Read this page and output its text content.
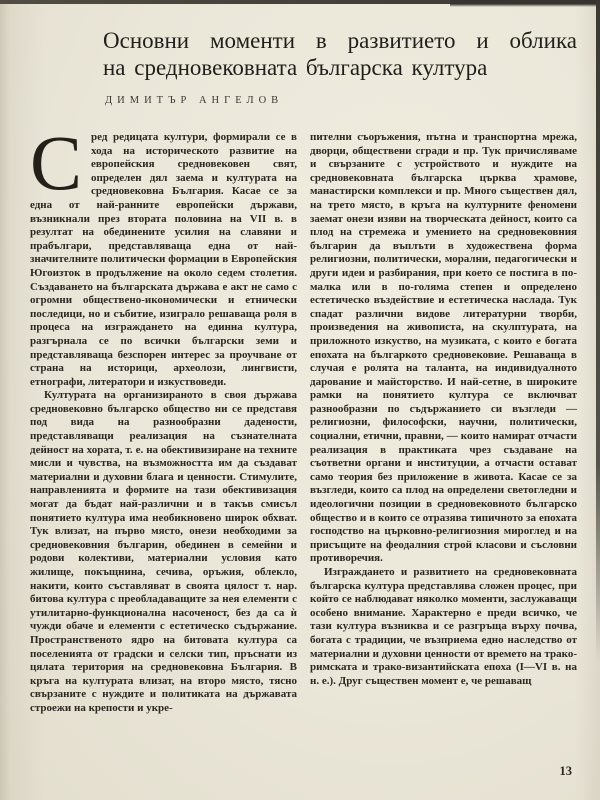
Основни моменти в развитието и облика
на средновековната българска култура
ДИМИТЪР АНГЕЛОВ

Сред редицата култури, формирали се в хода на историческото развитие на европейския средновековен свят, определен дял заема и културата на средновековна България. Касае се за една от най-ранните европейски държави, възникнали през втората половина на VII в. в резултат на обединените усилия на славяни и прабългари, представляваща една от най-значителните политически формации в Европейския Югоизток в продължение на около седем столетия. Създаването на българската държава е акт не само с огромни обществено-икономически и етнически последици, но и събитие, изиграло решаваща роля в процеса на изграждането на единна култура, разгърнала се по всички български земи и представляваща безспорен интерес за проучване от страна на историци, археолози, лингвисти, етнографи, литератори и изкуствоведи.

Културата на организираното в своя държава средновековно българско общество ни се представя под вида на разнообразни дадености, представляващи реализация на съзнателната дейност на хората, т. е. на обективизиране на техните мисли и чувства, на възможността им да създават материални и духовни блага и ценности. Стимулите, направленията и формите на тази обективизация могат да бъдат най-различни и в такъв смисъл понятието култура има необикновено широк обхват. Тук влизат, на първо място, онези необходими за средновековния българин, обединен в семейни и родови колективи, материални условия като жилище, покъщнина, сечива, оръжия, облекло, накити, които съставляват в своята цялост т. нар. битова култура с преобладаващите за нея елементи с утилитарно-функционална насоченост, без да са ѝ чужди обаче и елементи с естетическо съдържание. Пространственото ядро на битовата култура са поселенията от градски и селски тип, пръснати из цялата територия на средновековна България. В кръга на културата влизат, на второ място, тясно свързаните с нуждите и политиката на държавата строежи на крепости и укре-

пителни съоръжения, пътна и транспортна мрежа, дворци, обществени сгради и пр. Тук причисляваме и свързаните с устройството и нуждите на средновековната българска църква храмове, манастирски комплекси и пр. Много съществен дял, на трето място, в кръга на културните феномени заемат онези изяви на творческата дейност, които са плод на стремежа и умението на средновековния българин да въплъти в художествена форма религиозни, политически, морални, педагогически и други идеи и разбирания, при което се постига в по-малка или в по-голяма степен и определено естетическо въздействие и естетическа наслада. Тук спадат различни видове литературни творби, произведения на живописта, на скулптурата, на приложното изкуство, на музиката, с които е богата епохата на българкото средновековие. Решаваща в случая е ролята на таланта, на индивидуалното дарование и майсторство. И най-сетне, в широките рамки на понятието култура се включват разнообразни по съдържанието си възгледи — религиозни, философски, научни, политически, социални, етични, правни, — които намират отчасти реализация в практиката чрез създаване на съответни органи и институции, а отчасти остават само теория без приложение в живота. Касае се за възгледи, които са плод на определени светогледни и идеологични позиции в средновековното българско общество и в които се отразява типичното за епохата господство на църковно-религиозния мироглед и на присъщите на феодалния строй класови и съсловни противоречия.

Изграждането и развитието на средновековната българска култура представлява сложен процес, при който се наблюдават няколко моменти, заслужаващи особено внимание. Характерно е преди всичко, че тази култура възниква и се разгръща върху почва, богата с традиции, че възприема едно наследство от материални и духовни ценности от времето на трако-римската и трако-византийската епоха (I—VI в. на н. е.). Друг съществен момент е, че решаващ

13
